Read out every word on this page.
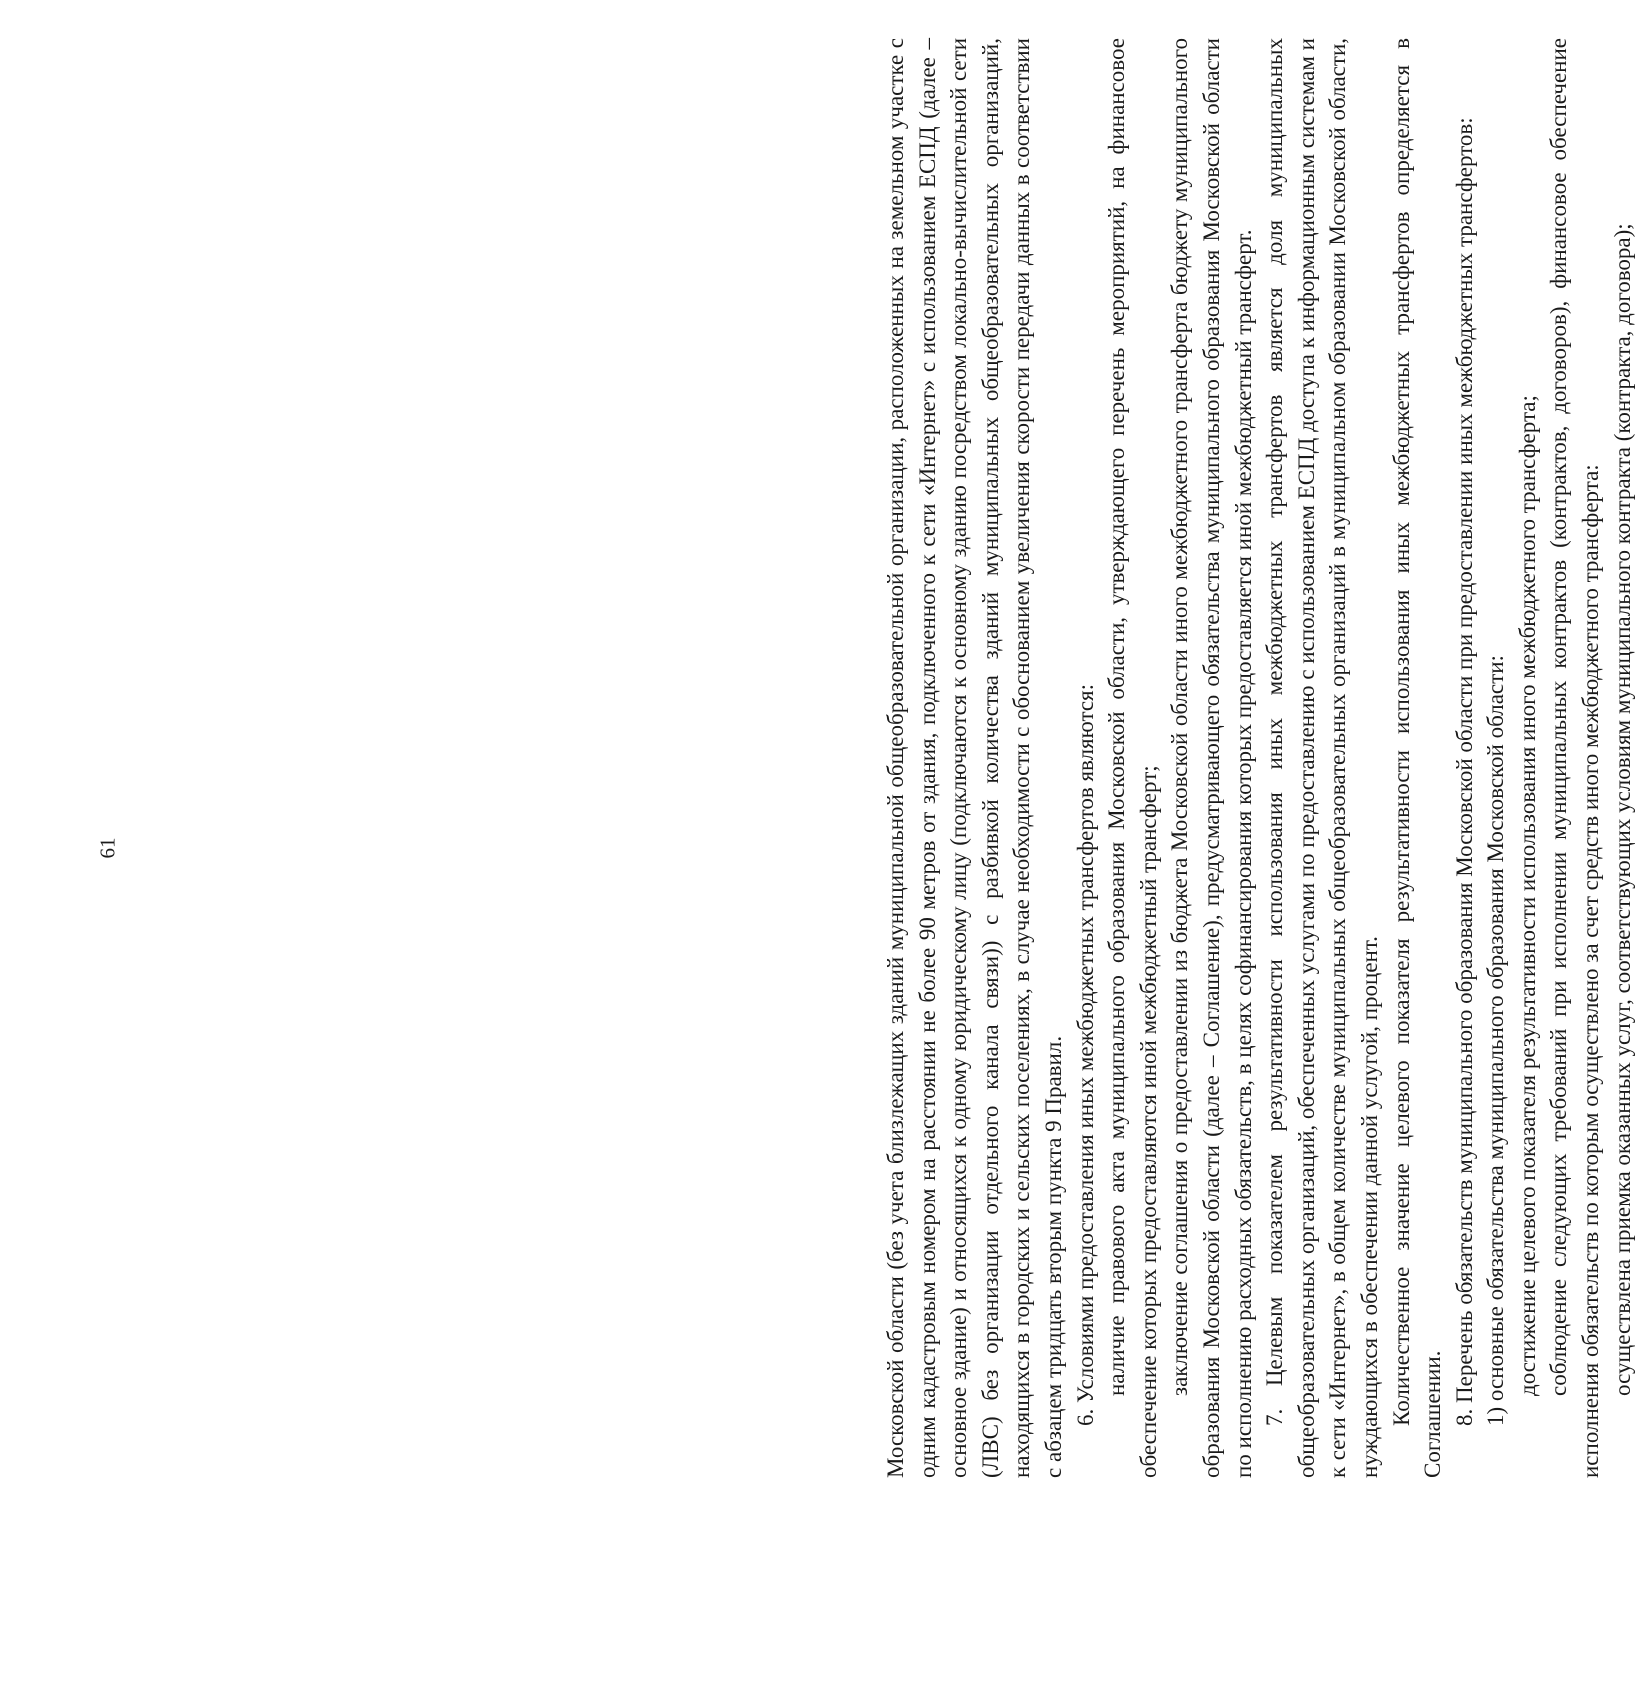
61	Московской области (без учета близлежащих зданий муниципальной общеобразовательной организации, расположенных на земельном участке с одним кадастровым номером на расстоянии не более 90 метров от здания, подключенного к сети «Интернет» с использованием ЕСПД (далее – основное здание) и относящихся к одному юридическому лицу (подключаются к основному зданию посредством локально-вычислительной сети (ЛВС) без организации отдельного канала связи)) с разбивкой количества зданий муниципальных общеобразовательных организаций, находящихся в городских и сельских поселениях, в случае необходимости с обоснованием увеличения скорости передачи данных в соответствии с абзацем тридцать вторым пункта 9 Правил. 6. Условиями предоставления иных межбюджетных трансфертов являются: наличие правового акта муниципального образования Московской области, утверждающего перечень мероприятий, на финансовое обеспечение которых предоставляются иной межбюджетный трансферт; заключение соглашения о предоставлении из бюджета Московской области иного межбюджетного трансферта бюджету муниципального образования Московской области (далее – Соглашение), предусматривающего обязательства муниципального образования Московской области по исполнению расходных обязательств, в целях софинансирования которых предоставляется иной межбюджетный трансферт. 7. Целевым показателем результативности использования иных межбюджетных трансфертов является доля муниципальных общеобразовательных организаций, обеспеченных услугами по предоставлению с использованием ЕСПД доступа к информационным системам и к сети «Интернет», в общем количестве муниципальных общеобразовательных организаций в муниципальном образовании Московской области, нуждающихся в обеспечении данной услугой, процент. Количественное значение целевого показателя результативности использования иных межбюджетных трансфертов определяется в Соглашении. 8. Перечень обязательств муниципального образования Московской области при предоставлении иных межбюджетных трансфертов: 1) основные обязательства муниципального образования Московской области: достижение целевого показателя результативности использования иного межбюджетного трансферта; соблюдение следующих требований при исполнении муниципальных контрактов (контрактов, договоров), финансовое обеспечение исполнения обязательств по которым осуществлено за счет средств иного межбюджетного трансферта: осуществлена приемка оказанных услуг, соответствующих условиям муниципального контракта (контракта, договора);
